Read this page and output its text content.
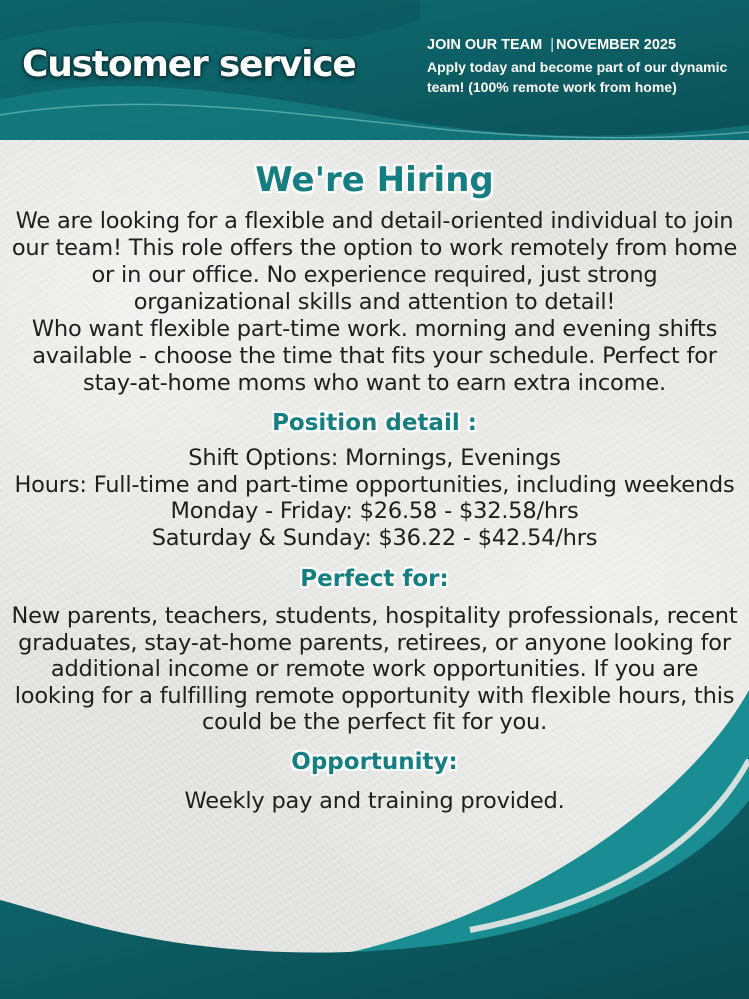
Customer service	JOIN OUR TEAM | NOVEMBER 2025
Apply today and become part of our dynamic team! (100% remote work from home)
We're Hiring
We are looking for a flexible and detail-oriented individual to join our team! This role offers the option to work remotely from home or in our office. No experience required, just strong organizational skills and attention to detail!
Who want flexible part-time work. morning and evening shifts available - choose the time that fits your schedule. Perfect for stay-at-home moms who want to earn extra income.
Position detail :
Shift Options: Mornings, Evenings
Hours: Full-time and part-time opportunities, including weekends
Monday - Friday: $26.58 - $32.58/hrs
Saturday & Sunday: $36.22 - $42.54/hrs
Perfect for:
New parents, teachers, students, hospitality professionals, recent graduates, stay-at-home parents, retirees, or anyone looking for additional income or remote work opportunities. If you are looking for a fulfilling remote opportunity with flexible hours, this could be the perfect fit for you.
Opportunity:
Weekly pay and training provided.
